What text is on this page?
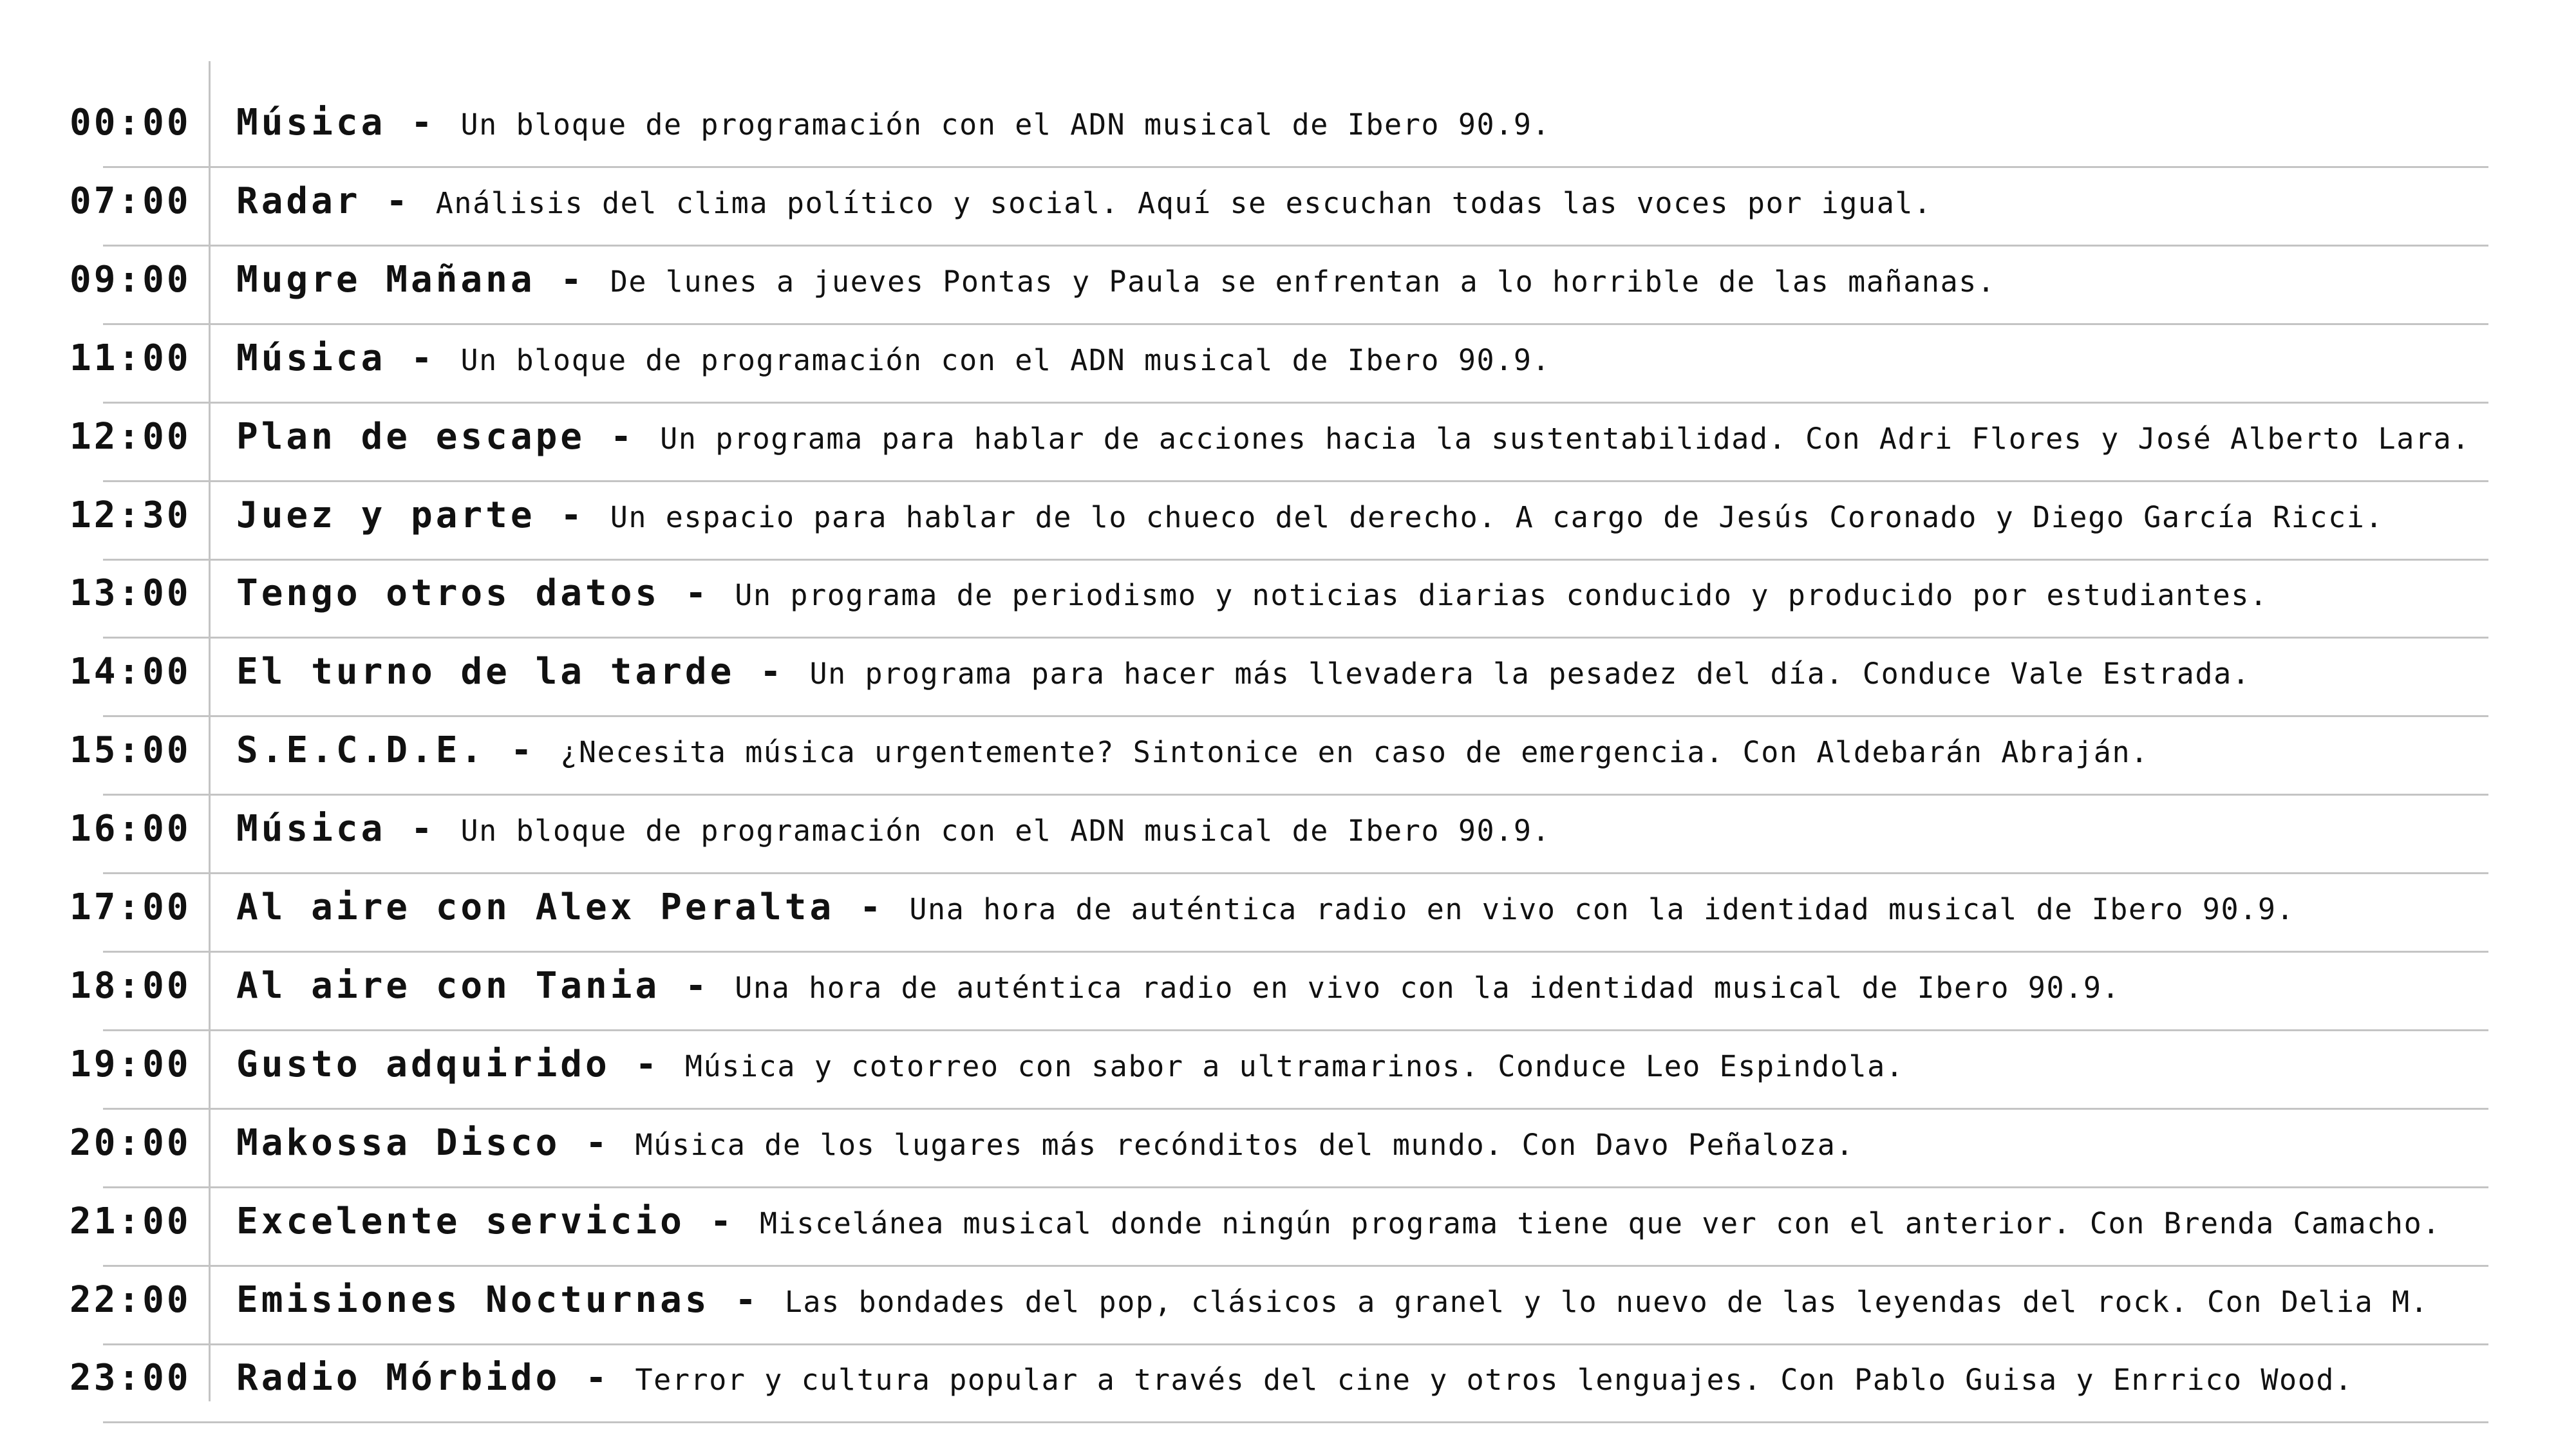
00:00 Música - Un bloque de programación con el ADN musical de Ibero 90.9.
07:00 Radar - Análisis del clima político y social. Aquí se escuchan todas las voces por igual.
09:00 Mugre Mañana - De lunes a jueves Pontas y Paula se enfrentan a lo horrible de las mañanas.
11:00 Música - Un bloque de programación con el ADN musical de Ibero 90.9.
12:00 Plan de escape - Un programa para hablar de acciones hacia la sustentabilidad. Con Adri Flores y José Alberto Lara.
12:30 Juez y parte - Un espacio para hablar de lo chueco del derecho. A cargo de Jesús Coronado y Diego García Ricci.
13:00 Tengo otros datos - Un programa de periodismo y noticias diarias conducido y producido por estudiantes.
14:00 El turno de la tarde - Un programa para hacer más llevadera la pesadez del día. Conduce Vale Estrada.
15:00 S.E.C.D.E. - ¿Necesita música urgentemente? Sintonice en caso de emergencia. Con Aldebarán Abraján.
16:00 Música - Un bloque de programación con el ADN musical de Ibero 90.9.
17:00 Al aire con Alex Peralta - Una hora de auténtica radio en vivo con la identidad musical de Ibero 90.9.
18:00 Al aire con Tania - Una hora de auténtica radio en vivo con la identidad musical de Ibero 90.9.
19:00 Gusto adquirido - Música y cotorreo con sabor a ultramarinos. Conduce Leo Espindola.
20:00 Makossa Disco - Música de los lugares más recónditos del mundo. Con Davo Peñaloza.
21:00 Excelente servicio - Miscelánea musical donde ningún programa tiene que ver con el anterior. Con Brenda Camacho.
22:00 Emisiones Nocturnas - Las bondades del pop, clásicos a granel y lo nuevo de las leyendas del rock. Con Delia M.
23:00 Radio Mórbido - Terror y cultura popular a través del cine y otros lenguajes. Con Pablo Guisa y Enrrico Wood.
